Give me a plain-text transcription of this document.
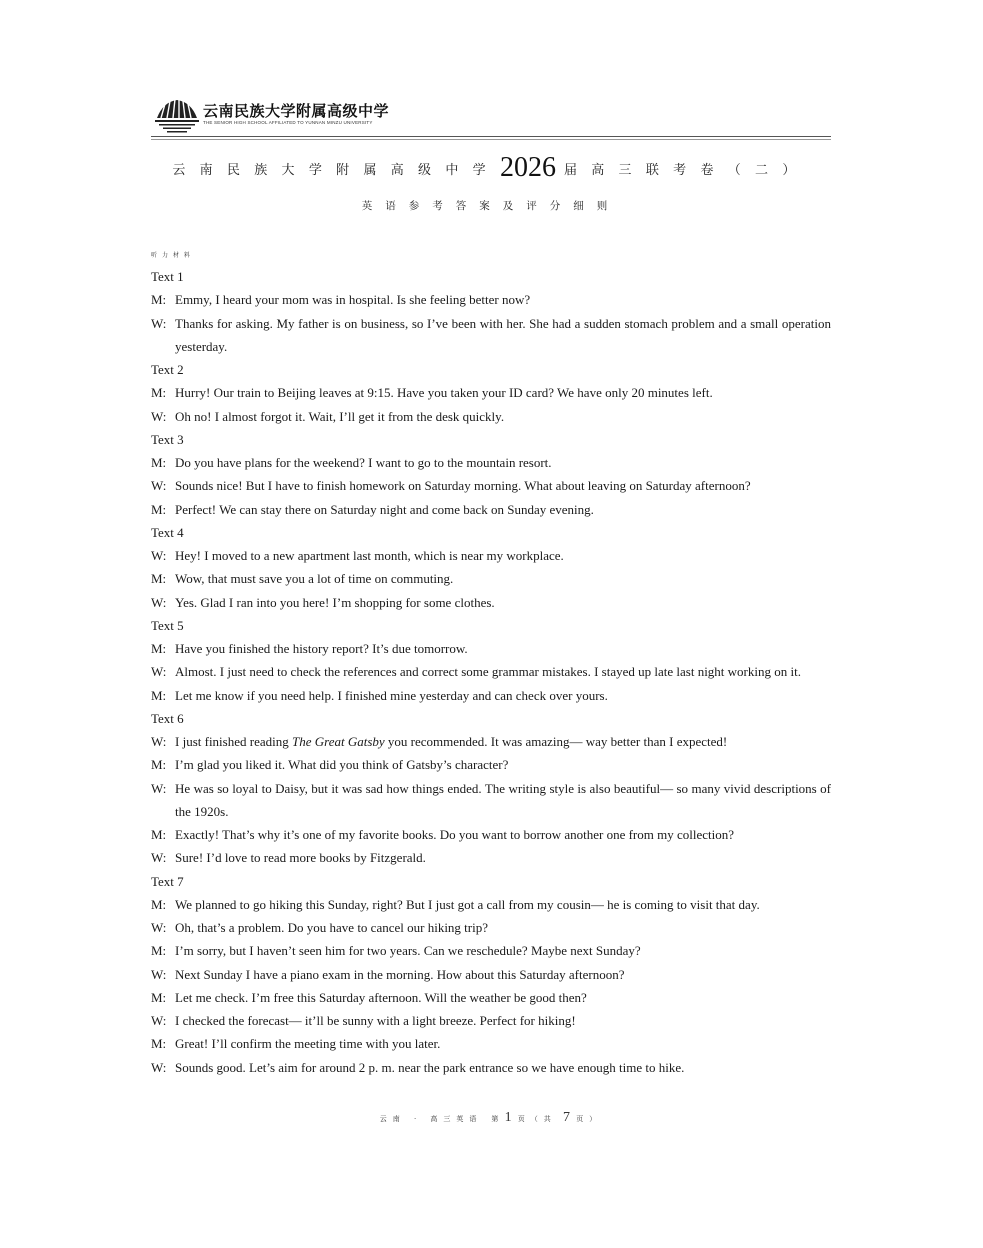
云南民族大学附属高级中学
THE SENIOR HIGH SCHOOL AFFILIATED TO YUNNAN MINZU UNIVERSITY
云南民族大学附属高级中学 2026 届高三联考卷（二）
英语参考答案及评分细则
听力材料

Text 1

M: Emmy, I heard your mom was in hospital. Is she feeling better now?
W: Thanks for asking. My father is on business, so I’ve been with her. She had a sudden stomach problem and a small operation yesterday.

Text 2

M: Hurry! Our train to Beijing leaves at 9:15. Have you taken your ID card? We have only 20 minutes left.
W: Oh no! I almost forgot it. Wait, I’ll get it from the desk quickly.

Text 3

M: Do you have plans for the weekend? I want to go to the mountain resort.
W: Sounds nice! But I have to finish homework on Saturday morning. What about leaving on Saturday afternoon?
M: Perfect! We can stay there on Saturday night and come back on Sunday evening.

Text 4

W: Hey! I moved to a new apartment last month, which is near my workplace.
M: Wow, that must save you a lot of time on commuting.
W: Yes. Glad I ran into you here! I’m shopping for some clothes.

Text 5

M: Have you finished the history report? It’s due tomorrow.
W: Almost. I just need to check the references and correct some grammar mistakes. I stayed up late last night working on it.
M: Let me know if you need help. I finished mine yesterday and can check over yours.

Text 6

W: I just finished reading The Great Gatsby you recommended. It was amazing— way better than I expected!
M: I’m glad you liked it. What did you think of Gatsby’s character?
W: He was so loyal to Daisy, but it was sad how things ended. The writing style is also beautiful— so many vivid descriptions of the 1920s.
M: Exactly! That’s why it’s one of my favorite books. Do you want to borrow another one from my collection?
W: Sure! I’d love to read more books by Fitzgerald.

Text 7

M: We planned to go hiking this Sunday, right? But I just got a call from my cousin— he is coming to visit that day.
W: Oh, that’s a problem. Do you have to cancel our hiking trip?
M: I’m sorry, but I haven’t seen him for two years. Can we reschedule? Maybe next Sunday?
W: Next Sunday I have a piano exam in the morning. How about this Saturday afternoon?
M: Let me check. I’m free this Saturday afternoon. Will the weather be good then?
W: I checked the forecast— it’ll be sunny with a light breeze. Perfect for hiking!
M: Great! I’ll confirm the meeting time with you later.
W: Sounds good. Let’s aim for around 2 p. m. near the park entrance so we have enough time to hike.
云南 · 高三英语 第 1 页（共 7 页）
